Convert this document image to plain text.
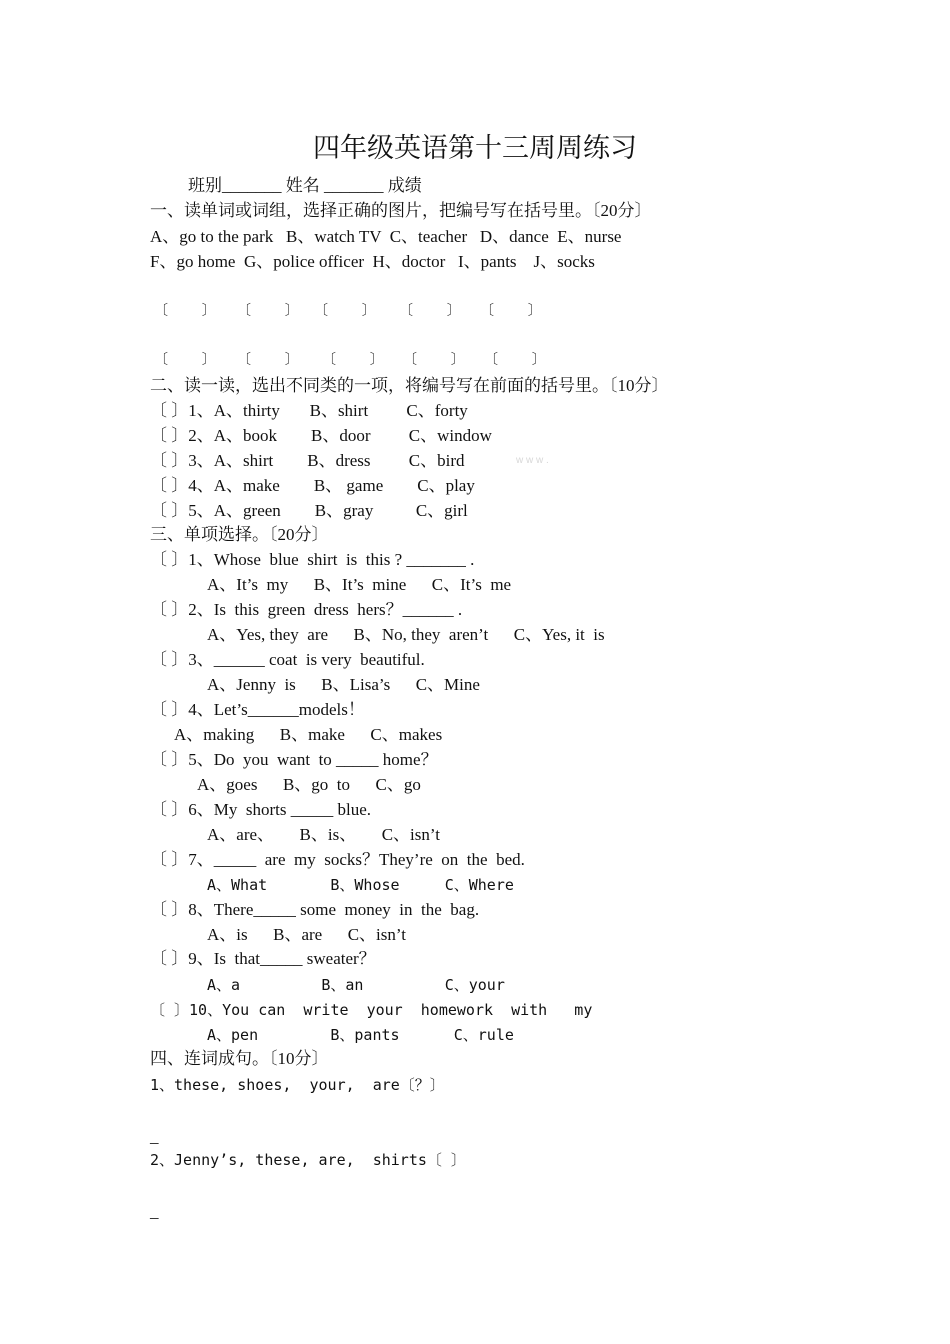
四年级英语第十三周周练习
班别_______ 姓名 _______ 成绩
一、读单词或词组，选择正确的图片，把编号写在括号里。〔20分〕
A、go to the park   B、watch TV  C、teacher   D、dance  E、nurse
F、go home  G、police officer  H、doctor   I、pants    J、socks
〔    〕 〔    〕 〔    〕 〔    〕 〔    〕
〔    〕 〔    〕 〔    〕 〔    〕 〔    〕
二、读一读，选出不同类的一项，将编号写在前面的括号里。〔10分〕
〔 〕1、A、thirty       B、shirt         C、forty
〔 〕2、A、book        B、door         C、window
〔 〕3、A、shirt        B、dress         C、bird	w w w .
〔 〕4、A、make        B、 game        C、play
〔 〕5、A、green        B、gray          C、girl
三、单项选择。〔20分〕
〔 〕1、Whose  blue  shirt  is  this ? _______ .
A、It’s  my      B、It’s  mine      C、It’s  me
〔 〕2、Is  this  green  dress  hers？______ .
A、Yes, they  are      B、No, they  aren’t      C、Yes, it  is
〔 〕3、______ coat  is very  beautiful.
A、Jenny  is      B、Lisa’s      C、Mine
〔 〕4、Let’s______models！
A、making      B、make      C、makes
〔 〕5、Do  you  want  to _____ home？
A、goes      B、go  to      C、go
〔 〕6、My  shorts _____ blue.
A、are、      B、is、      C、isn’t
〔 〕7、_____  are  my  socks？They’re  on  the  bed.
A、What       B、Whose     C、Where
〔 〕8、There_____ some  money  in  the  bag.
A、is      B、are      C、isn’t
〔 〕9、Is  that_____ sweater？
A、a         B、an         C、your
〔 〕10、You can  write  your  homework  with   my
A、pen        B、pants      C、rule
四、连词成句。〔10分〕
1、these, shoes,  your,  are〔？〕
_
2、Jenny’s, these, are,  shirts〔 〕
_
